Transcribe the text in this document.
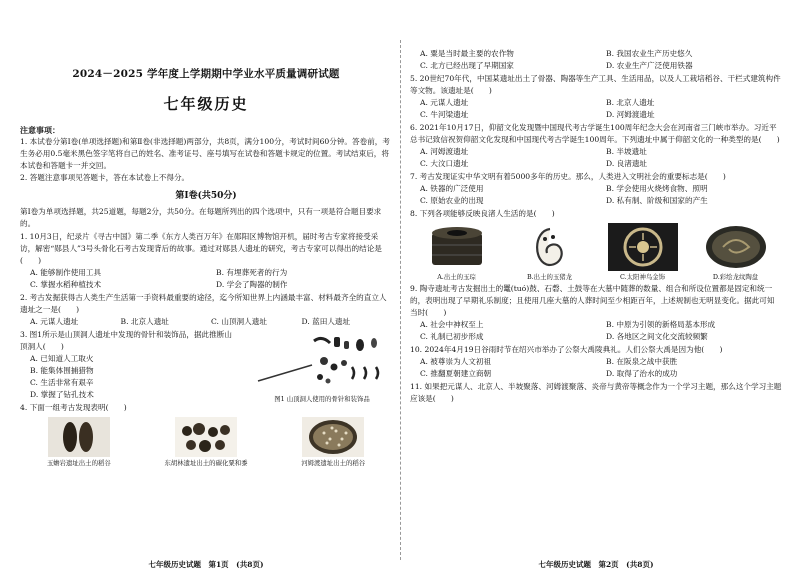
2024－2025 学年度上学期期中学业水平质量调研试题
七年级历史
注意事项：

1. 本试卷分第Ⅰ卷(单项选择题)和第Ⅱ卷(非选择题)两部分，共8页，满分100分，考试时间60分钟。答卷前，考生务必用0.5毫米黑色签字笔将自己的姓名、准考证号、座号填写在试卷和答题卡规定的位置。考试结束后，将本试卷和答题卡一并交回。

2. 答题注意事项见答题卡，答在本试卷上不得分。

第Ⅰ卷(共50分)

第Ⅰ卷为单项选择题，共25道题，每题2分，共50分。在每题所列出的四个选项中，只有一项是符合题目要求的。

1. 10月3日，纪录片《寻古中国》第二季《东方人类百万年》在郧阳区博物馆开机，届时考古专家将接受采访，解密“郧县人”3号头骨化石考古发现背后的故事。通过对郧县人遗址的研究，考古专家可以得出的结论是(　　)

A. 能够制作使用工具	B. 有埋葬死者的行为
C. 掌握水稻种植技术	D. 学会了陶器的制作

2. 考古发掘获得古人类生产生活第一手资料最重要的途径，迄今所知世界上内涵最丰富、材料最齐全的直立人遗址之一是(　　)

A. 元谋人遗址	B. 北京人遗址	C. 山顶洞人遗址	D. 蓝田人遗址

3. 图1所示是山顶洞人遗址中发现的骨针和装饰品，据此推断山顶洞人(　　)

A. 已知道人工取火
B. 能集体围捕猎物
C. 生活非常有艰辛
D. 掌握了钻孔技术	图1 山顶洞人使用的骨针和装饰品

4. 下面一组考古发现表明(　　)

玉蟾岩遗址出土的稻谷	东胡林遗址出土的碳化粟和黍	河姆渡遗址出土的稻谷
七年级历史试题　第1页　(共8页)
A. 粟是当时最主要的农作物	B. 我国农业生产历史悠久
C. 北方已经出现了早期国家	D. 农业生产广泛使用铁器

5. 20世纪70年代，中国某遗址出土了骨器、陶器等生产工具、生活用品，以及人工栽培稻谷、干栏式建筑构件等文物。该遗址是(　　)

A. 元谋人遗址	B. 北京人遗址
C. 牛河梁遗址	D. 河姆渡遗址

6. 2021年10月17日，仰韶文化发现暨中国现代考古学诞生100周年纪念大会在河南省三门峡市举办。习近平总书记致信祝贺仰韶文化发现和中国现代考古学诞生100周年。下列遗址中属于仰韶文化的一种类型的是(　　)

A. 河姆渡遗址	B. 半坡遗址
C. 大汶口遗址	D. 良渚遗址

7. 考古发现证实中华文明有着5000多年的历史。那么，人类进入文明社会的重要标志是(　　)

A. 铁器的广泛使用	B. 学会使用火烧烤食物、照明
C. 原始农业的出现	D. 私有制、阶级和国家的产生

8. 下列各项能够反映良渚人生活的是(　　)

A.出土的玉琮	B.出土的玉猪龙	C.太阳神鸟金饰	D.彩绘龙纹陶盘

9. 陶寺遗址考古发掘出土的鼍(tuó)鼓、石磬、土鼓等在大墓中随葬的数量、组合和所设位置都是固定和统一的，表明出现了早期礼乐制度；且使用几座大墓的人葬时间至少相距百年，上述规制也无明显变化。据此可知当时(　　)

A. 社会中神权至上	B. 中原为引领的新格局基本形成
C. 礼制已初步形成	D. 各地区之间文化交流较频繁

10. 2024年4月19日谷雨时节在绍兴市举办了公祭大禹陵典礼。人们公祭大禹是因为他(　　)

A. 被尊崇为人文初祖	B. 在阪泉之战中获胜
C. 推翻夏朝建立商朝	D. 取得了治水的成功

11. 如果把元谋人、北京人、半坡聚落、河姆渡聚落、炎帝与黄帝等概念作为一个学习主题，那么这个学习主题应该是(　　)

七年级历史试题　第2页　(共8页)
